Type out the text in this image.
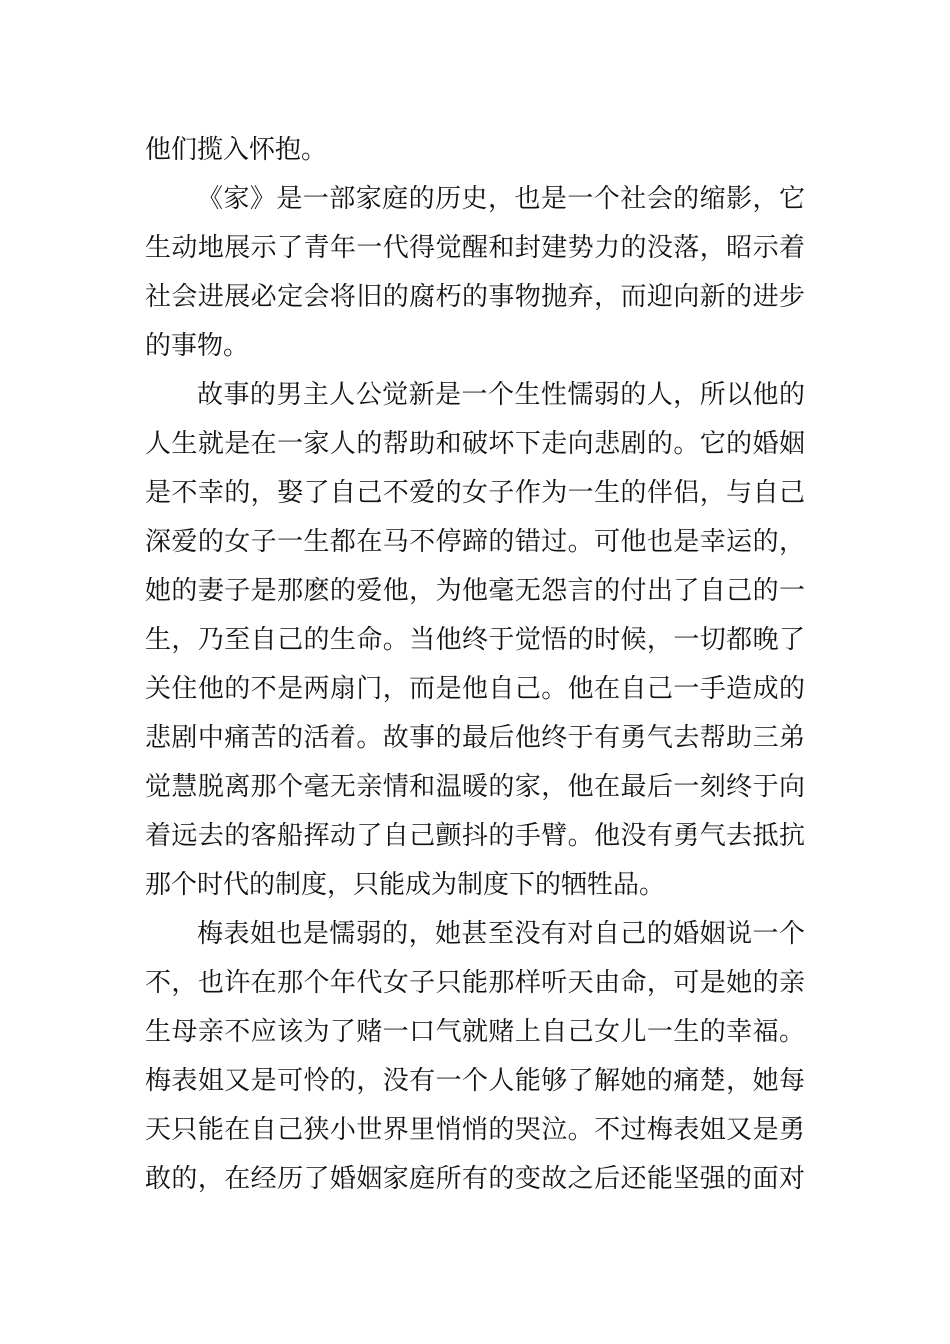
他们揽入怀抱。
《家》是一部家庭的历史，也是一个社会的缩影，它
生动地展示了青年一代得觉醒和封建势力的没落，昭示着
社会进展必定会将旧的腐朽的事物抛弃，而迎向新的进步
的事物。
故事的男主人公觉新是一个生性懦弱的人，所以他的
人生就是在一家人的帮助和破坏下走向悲剧的。它的婚姻
是不幸的，娶了自己不爱的女子作为一生的伴侣，与自己
深爱的女子一生都在马不停蹄的错过。可他也是幸运的，
她的妻子是那麽的爱他，为他毫无怨言的付出了自己的一
生，乃至自己的生命。当他终于觉悟的时候，一切都晚了
关住他的不是两扇门，而是他自己。他在自己一手造成的
悲剧中痛苦的活着。故事的最后他终于有勇气去帮助三弟
觉慧脱离那个毫无亲情和温暖的家，他在最后一刻终于向
着远去的客船挥动了自己颤抖的手臂。他没有勇气去抵抗
那个时代的制度，只能成为制度下的牺牲品。
梅表姐也是懦弱的，她甚至没有对自己的婚姻说一个
不，也许在那个年代女子只能那样听天由命，可是她的亲
生母亲不应该为了赌一口气就赌上自己女儿一生的幸福。
梅表姐又是可怜的，没有一个人能够了解她的痛楚，她每
天只能在自己狭小世界里悄悄的哭泣。不过梅表姐又是勇
敢的，在经历了婚姻家庭所有的变故之后还能坚强的面对
